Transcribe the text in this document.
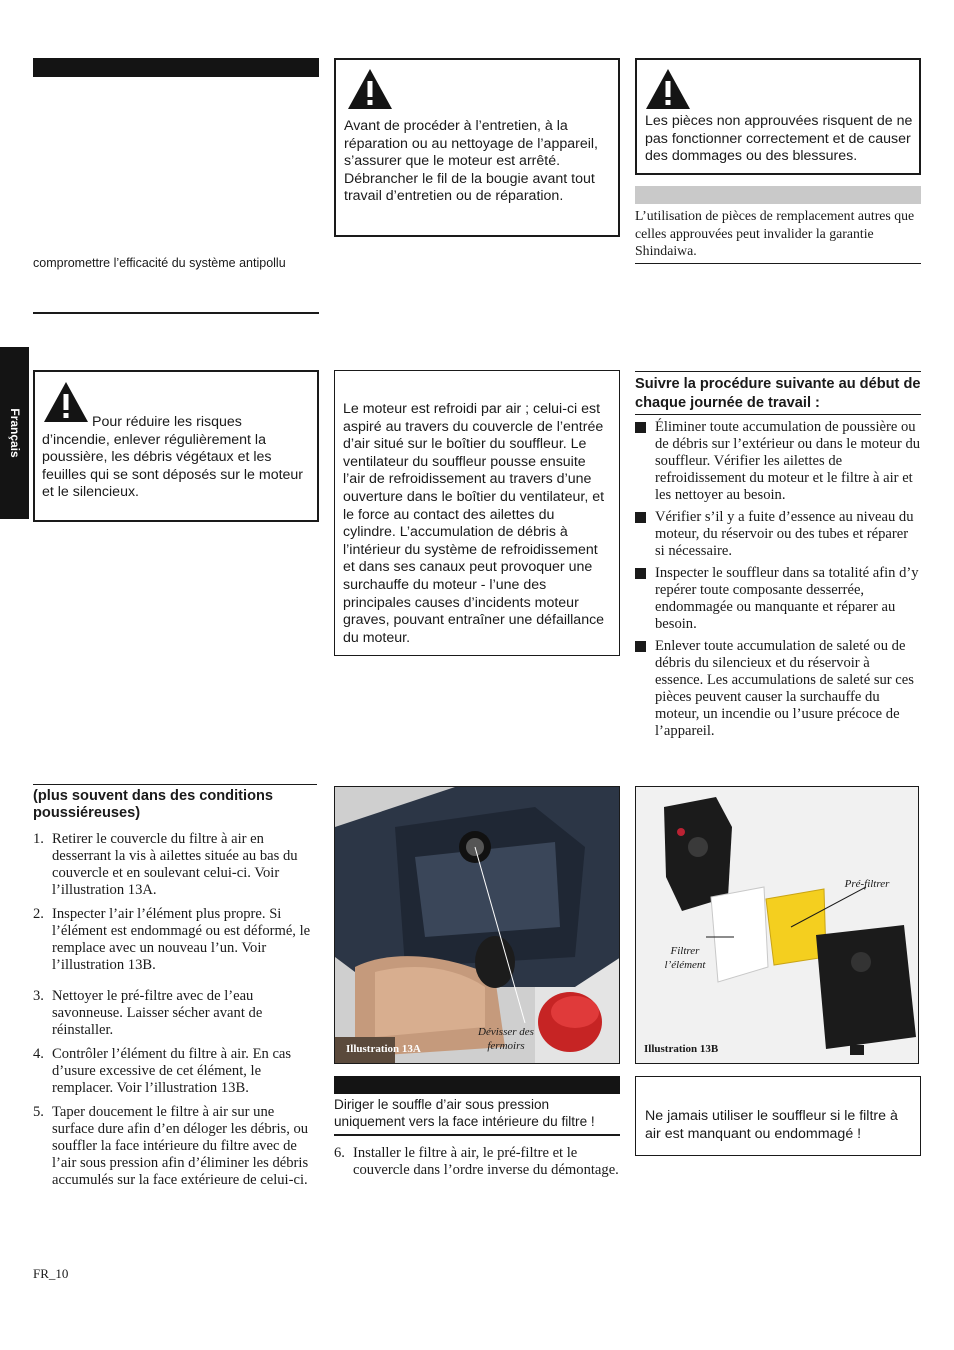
Français
compromettre l’efficacité du système antipollu
Pour réduire les risques d’incendie, enlever régulièrement la poussière, les débris végétaux et les feuilles qui se sont déposés sur le moteur et le silencieux.
(plus souvent dans des conditions poussiéreuses)
1. Retirer le couvercle du filtre à air en desserrant la vis à ailettes située au bas du couvercle et en soulevant celui-ci. Voir l’illustration 13A.
2. Inspecter l’air l’élément plus propre. Si l’élément est endommagé ou est déformé, le remplace avec un nouveau l’un. Voir l’illustration 13B.
3. Nettoyer le pré-filtre avec de l’eau savonneuse. Laisser sécher avant de réinstaller.
4. Contrôler l’élément du filtre à air. En cas d’usure excessive de cet élément, le remplacer. Voir l’illustration 13B.
5. Taper doucement le filtre à air sur une surface dure afin d’en déloger les débris, ou souffler la face intérieure du filtre avec de l’air sous pression afin d’éliminer les débris accumulés sur la face extérieure de celui-ci.
Avant de procéder à l’entretien, à la réparation ou au nettoyage de l’appareil, s’assurer que le moteur est arrêté. Débrancher le fil de la bougie avant tout travail d’entretien ou de réparation.
Le moteur est refroidi par air ; celui-ci est aspiré au travers du couvercle de l’entrée d’air situé sur le boîtier du souffleur. Le ventilateur du souffleur pousse ensuite l’air de refroidissement au travers d’une ouverture dans le boîtier du ventilateur, et le force au contact des ailettes du cylindre. L’accumulation de débris à l’intérieur du système de refroidissement et dans ses canaux peut provoquer une surchauffe du moteur - l’une des principales causes d’incidents moteur graves, pouvant entraîner une défaillance du moteur.
Illustration 13A
Dévisser des fermoirs
Diriger le souffle d’air sous pression uniquement vers la face intérieure du filtre !
6. Installer le filtre à air, le pré-filtre et le couvercle dans l’ordre inverse du démontage.
Les pièces non approuvées risquent de ne pas fonctionner correctement et de causer des dommages ou des blessures.
L’utilisation de pièces de remplacement autres que celles approuvées peut invalider la garantie Shindaiwa.
Suivre la procédure suivante au début de chaque journée de travail :
Éliminer toute accumulation de poussière ou de débris sur l’extérieur ou dans le moteur du souffleur. Vérifier les ailettes de refroidissement du moteur et le filtre à air et les nettoyer au besoin.
Vérifier s’il y a fuite d’essence au niveau du moteur, du réservoir ou des tubes et réparer si nécessaire.
Inspecter le souffleur dans sa totalité afin d’y repérer toute composante desserrée, endommagée ou manquante et réparer au besoin.
Enlever toute accumulation de saleté ou de débris du silencieux et du réservoir à essence. Les accumulations de saleté sur ces pièces peuvent causer la surchauffe du moteur, un incendie ou l’usure précoce de l’appareil.
Illustration 13B
Pré-filtrer
Filtrer l’élément
Ne jamais utiliser le souffleur si le filtre à air est manquant ou endommagé !
FR_10
